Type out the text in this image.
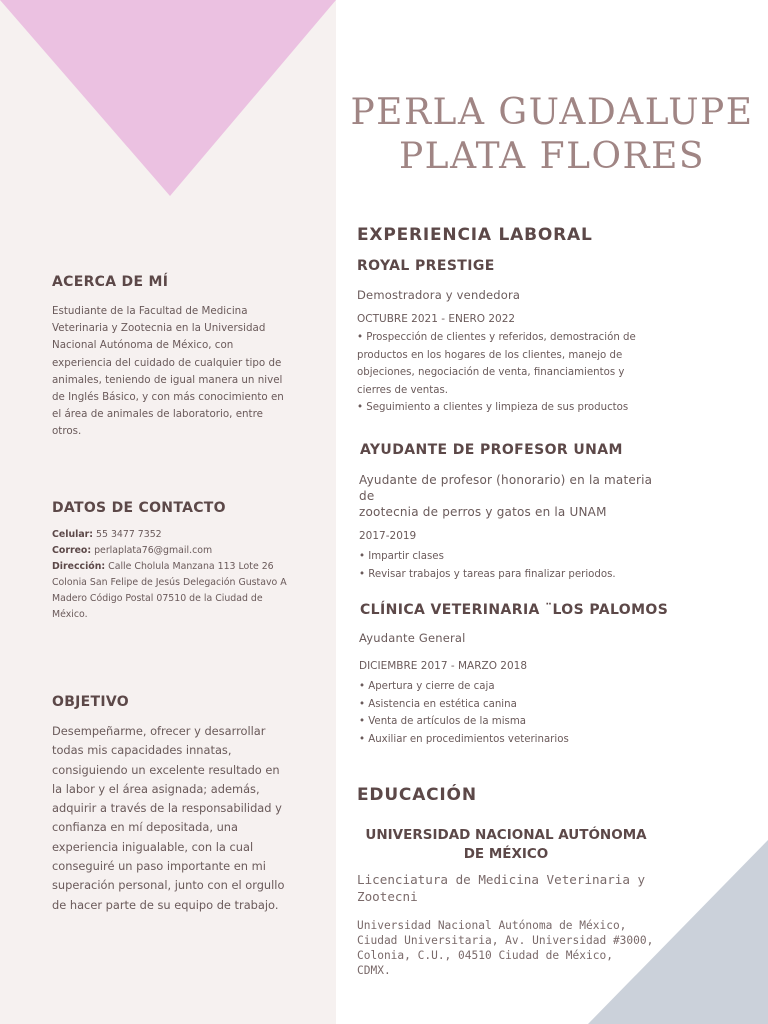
PERLA GUADALUPE
PLATA FLORES
ACERCA DE MÍ

Estudiante de la Facultad de Medicina Veterinaria y Zootecnia en la Universidad Nacional Autónoma de México, con experiencia del cuidado de cualquier tipo de animales, teniendo de igual manera un nivel de Inglés Básico, y con más conocimiento en el área de animales de laboratorio, entre otros.

DATOS DE CONTACTO
Celular: 55 3477 7352
Correo: perlaplata76@gmail.com
Dirección: Calle Cholula Manzana 113 Lote 26 Colonia San Felipe de Jesús Delegación Gustavo A Madero Código Postal 07510 de la Ciudad de México.
OBJETIVO

Desempeñarme, ofrecer y desarrollar todas mis capacidades innatas, consiguiendo un excelente resultado en la labor y el área asignada; además, adquirir a través de la responsabilidad y confianza en mí depositada, una experiencia inigualable, con la cual conseguiré un paso importante en mi superación personal, junto con el orgullo de hacer parte de su equipo de trabajo.

EXPERIENCIA LABORAL
ROYAL PRESTIGE

Demostradora y vendedora

OCTUBRE 2021 - ENERO 2022

• Prospección de clientes y referidos, demostración de productos en los hogares de los clientes, manejo de objeciones, negociación de venta, financiamientos y cierres de ventas.
• Seguimiento a clientes y limpieza de sus productos
AYUDANTE DE PROFESOR UNAM

Ayudante de profesor (honorario) en la materia

de

zootecnia de perros y gatos en la UNAM

2017-2019

• Impartir clases
• Revisar trabajos y tareas para finalizar periodos.
CLÍNICA VETERINARIA ¨LOS PALOMOS

Ayudante General

DICIEMBRE 2017 - MARZO 2018

• Apertura y cierre de caja
• Asistencia en estética canina
• Venta de artículos de la misma
• Auxiliar en procedimientos veterinarios
EDUCACIÓN
UNIVERSIDAD NACIONAL AUTÓNOMA
DE MÉXICO

Licenciatura de Medicina Veterinaria y

Zootecni

Universidad Nacional Autónoma de México,
Ciudad Universitaria, Av. Universidad #3000,
Colonia, C.U., 04510 Ciudad de México,
CDMX.
